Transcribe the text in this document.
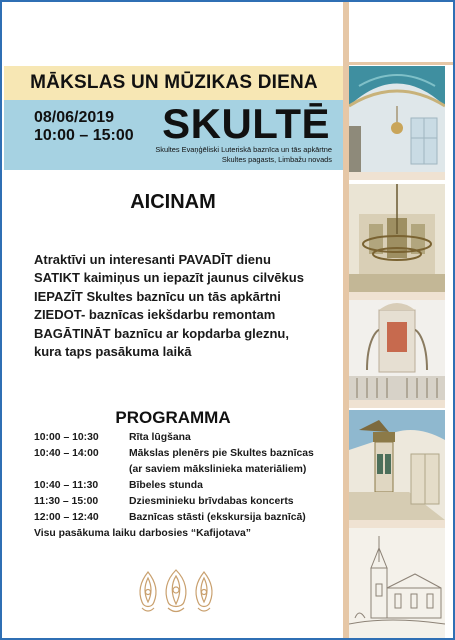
MĀKSLAS UN MŪZIKAS DIENA
08/06/2019
10:00 – 15:00 SKULTĒ
Skultes Evaņģēliski Luteriskā baznīca un tās apkārtne
Skultes pagasts, Limbažu novads
AICINAM
Atraktīvi un interesanti PAVADĪT dienu
SATIKT kaimiņus un iepazīt jaunus cilvēkus
IEPAZĪT Skultes baznīcu un tās apkārtni
ZIEDOT- baznīcas iekšdarbu remontam
BAGĀTINĀT baznīcu ar kopdarba gleznu,
kura taps pasākuma laikā
PROGRAMMA
10:00 – 10:30	Rīta lūgšana
10:40 – 14:00	Mākslas plenērs pie Skultes baznīcas
(ar saviem mākslinieka materiāliem)
10:40 – 11:30	Bībeles stunda
11:30 – 15:00	Dziesminieku brīvdabas koncerts
12:00 – 12:40	Baznīcas stāsti (ekskursija baznīcā)
Visu pasākuma laiku darbosies “Kafijotava”
